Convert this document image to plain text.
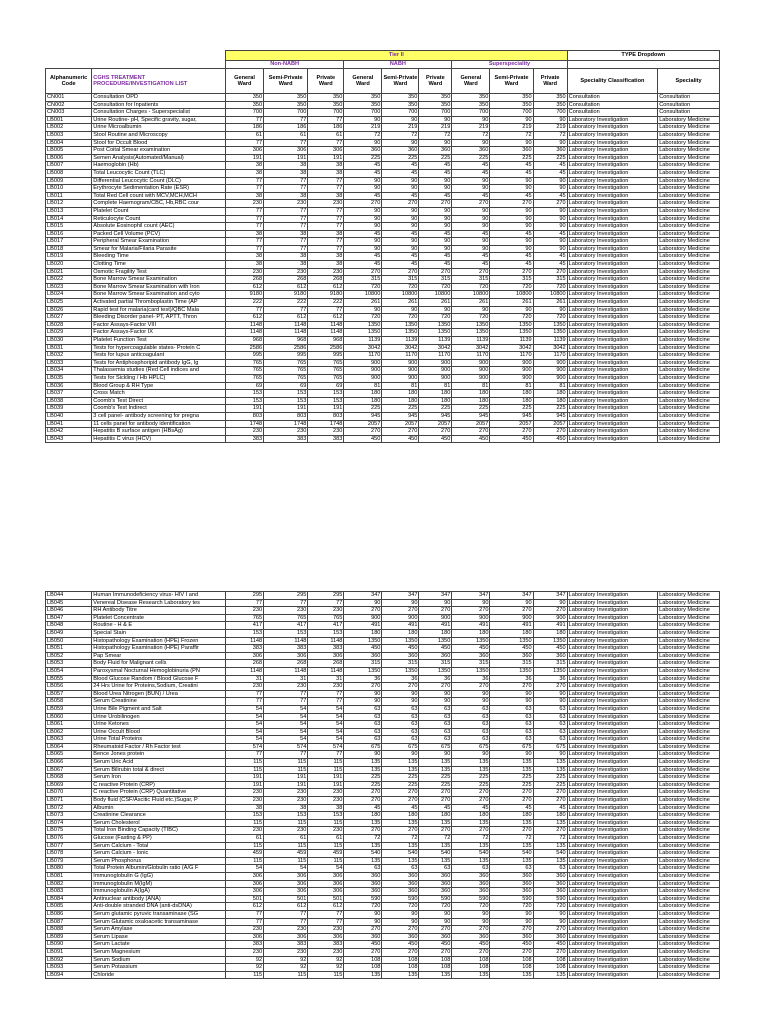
		Tier II									TYPE Dropdown	
		Non-NABH			NABH			Superspeciality				
Alphanumeric Code	CGHS TREATMENT PROCEDURE/INVESTIGATION LIST	General Ward	Semi-Private Ward	Private Ward	General Ward	Semi-Private Ward	Private Ward	General Ward	Semi-Private Ward	Private Ward	Speciality Classification	Speciality
CN001	Consultation OPD	350	350	350	350	350	350	350	350	350	Consultation	Consultation
CN002	Consultation for Inpatients	350	350	350	350	350	350	350	350	350	Consultation	Consultation
CN003	Consultation Charges - Superspecialist	700	700	700	700	700	700	700	700	700	Consultation	Consultation
LB001	Urine Routine- pH, Specific gravity, sugar,	77	77	77	90	90	90	90	90	90	Laboratory Investigation	Laboratory Medicine
LB002	Urine Microalbumin	186	186	186	219	219	219	219	219	219	Laboratory Investigation	Laboratory Medicine
LB003	Stool Routine and Microscopy	61	61	61	72	72	72	72	72	72	Laboratory Investigation	Laboratory Medicine
LB004	Stool for Occult Blood	77	77	77	90	90	90	90	90	90	Laboratory Investigation	Laboratory Medicine
LB005	Post Coital Smear examination	306	306	306	360	360	360	360	360	360	Laboratory Investigation	Laboratory Medicine
LB006	Semen Analysis(Automated/Manual)	191	191	191	225	225	225	225	225	225	Laboratory Investigation	Laboratory Medicine
LB007	Haemoglobin (Hb)	38	38	38	45	45	45	45	45	45	Laboratory Investigation	Laboratory Medicine
LB008	Total Leucocytic Count (TLC)	38	38	38	45	45	45	45	45	45	Laboratory Investigation	Laboratory Medicine
LB009	Differential Leucocytic Count (DLC)	77	77	77	90	90	90	90	90	90	Laboratory Investigation	Laboratory Medicine
LB010	Erythrocyte Sedimentation Rate (ESR)	77	77	77	90	90	90	90	90	90	Laboratory Investigation	Laboratory Medicine
LB011	Total Red Cell count with MCV,MCH,MCH	38	38	38	45	45	45	45	45	45	Laboratory Investigation	Laboratory Medicine
LB012	Complete Haemogram/CBC, Hb,RBC cour	230	230	230	270	270	270	270	270	270	Laboratory Investigation	Laboratory Medicine
LB013	Platelet Count	77	77	77	90	90	90	90	90	90	Laboratory Investigation	Laboratory Medicine
LB014	Reticulocyte Count	77	77	77	90	90	90	90	90	90	Laboratory Investigation	Laboratory Medicine
LB015	Absolute Eosinophil count (AEC)	77	77	77	90	90	90	90	90	90	Laboratory Investigation	Laboratory Medicine
LB016	Packed Cell Volume (PCV)	38	38	38	45	45	45	45	45	45	Laboratory Investigation	Laboratory Medicine
LB017	Peripheral Smear Examination	77	77	77	90	90	90	90	90	90	Laboratory Investigation	Laboratory Medicine
LB018	Smear for Malaria/Filaria Parasite	77	77	77	90	90	90	90	90	90	Laboratory Investigation	Laboratory Medicine
LB019	Bleeding Time	38	38	38	45	45	45	45	45	45	Laboratory Investigation	Laboratory Medicine
LB020	Clotting Time	38	38	38	45	45	45	45	45	45	Laboratory Investigation	Laboratory Medicine
LB021	Osmotic Fragility Test	230	230	230	270	270	270	270	270	270	Laboratory Investigation	Laboratory Medicine
LB022	Bone Marrow Smear Examination	268	268	268	315	315	315	315	315	315	Laboratory Investigation	Laboratory Medicine
LB023	Bone Marrow Smear Examination with Iron	612	612	612	720	720	720	720	720	720	Laboratory Investigation	Laboratory Medicine
LB024	Bone Marrow Smear Examination and cyto	9180	9180	9180	10800	10800	10800	10800	10800	10800	Laboratory Investigation	Laboratory Medicine
LB025	Activated partial Thromboplastin Time (AP	222	222	222	261	261	261	261	261	261	Laboratory Investigation	Laboratory Medicine
LB026	Rapid test for malaria(card test)/QBC Mala	77	77	77	90	90	90	90	90	90	Laboratory Investigation	Laboratory Medicine
LB027	Bleeding Disorder panel- PT, APTT, Thron	612	612	612	720	720	720	720	720	720	Laboratory Investigation	Laboratory Medicine
LB028	Factor Assays-Factor VIII	1148	1148	1148	1350	1350	1350	1350	1350	1350	Laboratory Investigation	Laboratory Medicine
LB029	Factor Assays-Factor IX	1148	1148	1148	1350	1350	1350	1350	1350	1350	Laboratory Investigation	Laboratory Medicine
LB030	Platelet Function Test	968	968	968	1139	1139	1139	1139	1139	1139	Laboratory Investigation	Laboratory Medicine
LB031	Tests for hypercoagulable states- Protein C	2586	2586	2586	3042	3042	3042	3042	3042	3042	Laboratory Investigation	Laboratory Medicine
LB032	Tests for lupus anticoagulant	995	995	995	1170	1170	1170	1170	1170	1170	Laboratory Investigation	Laboratory Medicine
LB033	Tests for Antiphosphoripid antibody IgG, Ig	765	765	765	900	900	900	900	900	900	Laboratory Investigation	Laboratory Medicine
LB034	Thalassemia studies (Red Cell indices and	765	765	765	900	900	900	900	900	900	Laboratory Investigation	Laboratory Medicine
LB035	Tests for Sickling / Hb HPLC)	765	765	765	900	900	900	900	900	900	Laboratory Investigation	Laboratory Medicine
LB036	Blood Group & RH Type	69	69	69	81	81	81	81	81	81	Laboratory Investigation	Laboratory Medicine
LB037	Cross Match	153	153	153	180	180	180	180	180	180	Laboratory Investigation	Laboratory Medicine
LB038	Coomb's Test Direct	153	153	153	180	180	180	180	180	180	Laboratory Investigation	Laboratory Medicine
LB039	Coomb's Test Indirect	191	191	191	225	225	225	225	225	225	Laboratory Investigation	Laboratory Medicine
LB040	3 cell panel- antibody screening for pregna	803	803	803	945	945	945	945	945	945	Laboratory Investigation	Laboratory Medicine
LB041	11 cells panel for antibody identification	1748	1748	1748	2057	2057	2057	2057	2057	2057	Laboratory Investigation	Laboratory Medicine
LB042	Hepatitis B surface antigen (HBsAg)	230	230	230	270	270	270	270	270	270	Laboratory Investigation	Laboratory Medicine
LB043	Hepatitis C virus (HCV)	383	383	383	450	450	450	450	450	450	Laboratory Investigation	Laboratory Medicine
LB044	Human Immunodeficiency virus- HIV I and	295	295	295	347	347	347	347	347	347	Laboratory Investigation	Laboratory Medicine
LB045	Venereal Disease Research Laboratory tes	77	77	77	90	90	90	90	90	90	Laboratory Investigation	Laboratory Medicine
LB046	RH Antibody Titre	230	230	230	270	270	270	270	270	270	Laboratory Investigation	Laboratory Medicine
LB047	Platelet Concentrate	765	765	765	900	900	900	900	900	900	Laboratory Investigation	Laboratory Medicine
LB048	Routine - H & E	417	417	417	491	491	491	491	491	491	Laboratory Investigation	Laboratory Medicine
LB049	Special Stain	153	153	153	180	180	180	180	180	180	Laboratory Investigation	Laboratory Medicine
LB050	Histopathology Examination (HPE) Frozen	1148	1148	1148	1350	1350	1350	1350	1350	1350	Laboratory Investigation	Laboratory Medicine
LB051	Histopathology Examination (HPE) Paraffir	383	383	383	450	450	450	450	450	450	Laboratory Investigation	Laboratory Medicine
LB052	Pap Smear	306	306	306	360	360	360	360	360	360	Laboratory Investigation	Laboratory Medicine
LB053	Body Fluid for Malignant cells	268	268	268	315	315	315	315	315	315	Laboratory Investigation	Laboratory Medicine
LB054	Paroxysmal Nocturnal Hemoglobinuria (PN	1148	1148	1148	1350	1350	1350	1350	1350	1350	Laboratory Investigation	Laboratory Medicine
LB055	Blood Glucose Random / Blood Glucose F	31	31	31	36	36	36	36	36	36	Laboratory Investigation	Laboratory Medicine
LB056	24 Hrs Urine for Proteins,Sodium, Creatini	230	230	230	270	270	270	270	270	270	Laboratory Investigation	Laboratory Medicine
LB057	Blood Urea Nitrogen (BUN) / Urea	77	77	77	90	90	90	90	90	90	Laboratory Investigation	Laboratory Medicine
LB058	Serum Creatinine	77	77	77	90	90	90	90	90	90	Laboratory Investigation	Laboratory Medicine
LB059	Urine Bile Pigment and Salt	54	54	54	63	63	63	63	63	63	Laboratory Investigation	Laboratory Medicine
LB060	Urine Urobilinogen	54	54	54	63	63	63	63	63	63	Laboratory Investigation	Laboratory Medicine
LB061	Urine Ketones	54	54	54	63	63	63	63	63	63	Laboratory Investigation	Laboratory Medicine
LB062	Urine Occult Blood	54	54	54	63	63	63	63	63	63	Laboratory Investigation	Laboratory Medicine
LB063	Urine Total Proteins	54	54	54	63	63	63	63	63	63	Laboratory Investigation	Laboratory Medicine
LB064	Rheumatoid Factor / Rh Factor test	574	574	574	675	675	675	675	675	675	Laboratory Investigation	Laboratory Medicine
LB065	Bence Jones protein	77	77	77	90	90	90	90	90	90	Laboratory Investigation	Laboratory Medicine
LB066	Serum Uric Acid	115	115	115	135	135	135	135	135	135	Laboratory Investigation	Laboratory Medicine
LB067	Serum Bilirubin total & direct	115	115	115	135	135	135	135	135	135	Laboratory Investigation	Laboratory Medicine
LB068	Serum Iron	191	191	191	225	225	225	225	225	225	Laboratory Investigation	Laboratory Medicine
LB069	C reactive Protein (CRP)	191	191	191	225	225	225	225	225	225	Laboratory Investigation	Laboratory Medicine
LB070	C reactive Protein (CRP) Quantitative	230	230	230	270	270	270	270	270	270	Laboratory Investigation	Laboratory Medicine
LB071	Body fluid (CSF/Ascitic Fluid etc.)Sugar, P	230	230	230	270	270	270	270	270	270	Laboratory Investigation	Laboratory Medicine
LB072	Albumin	38	38	38	45	45	45	45	45	45	Laboratory Investigation	Laboratory Medicine
LB073	Creatinine Clearance	153	153	153	180	180	180	180	180	180	Laboratory Investigation	Laboratory Medicine
LB074	Serum Cholesterol	115	115	115	135	135	135	135	135	135	Laboratory Investigation	Laboratory Medicine
LB075	Total Iron Binding Capacity (TIBC)	230	230	230	270	270	270	270	270	270	Laboratory Investigation	Laboratory Medicine
LB076	Glucose (Fasting & PP)	61	61	61	72	72	72	72	72	72	Laboratory Investigation	Laboratory Medicine
LB077	Serum Calcium - Total	115	115	115	135	135	135	135	135	135	Laboratory Investigation	Laboratory Medicine
LB078	Serum Calcium - Ionic	459	459	459	540	540	540	540	540	540	Laboratory Investigation	Laboratory Medicine
LB079	Serum Phosphorus	115	115	115	135	135	135	135	135	135	Laboratory Investigation	Laboratory Medicine
LB080	Total Protein Albumin/Globulin ratio (A/G F	54	54	54	63	63	63	63	63	63	Laboratory Investigation	Laboratory Medicine
LB081	Immunoglobulin G (IgG)	306	306	306	360	360	360	360	360	360	Laboratory Investigation	Laboratory Medicine
LB082	Immunoglobulin M(IgM)	306	306	306	360	360	360	360	360	360	Laboratory Investigation	Laboratory Medicine
LB083	Immunoglobulin A(IgA)	306	306	306	360	360	360	360	360	360	Laboratory Investigation	Laboratory Medicine
LB084	Antinuclear antibody (ANA)	501	501	501	590	590	590	590	590	590	Laboratory Investigation	Laboratory Medicine
LB085	Anti-double stranded DNA (anti-dsDNA)	612	612	612	720	720	720	720	720	720	Laboratory Investigation	Laboratory Medicine
LB086	Serum glutamic pyruvic transaminase (SG	77	77	77	90	90	90	90	90	90	Laboratory Investigation	Laboratory Medicine
LB087	Serum Glutamic oxaloacetic transaminase	77	77	77	90	90	90	90	90	90	Laboratory Investigation	Laboratory Medicine
LB088	Serum Amylase	230	230	230	270	270	270	270	270	270	Laboratory Investigation	Laboratory Medicine
LB089	Serum Lipase	306	306	306	360	360	360	360	360	360	Laboratory Investigation	Laboratory Medicine
LB090	Serum Lactate	383	383	383	450	450	450	450	450	450	Laboratory Investigation	Laboratory Medicine
LB091	Serum Magnesium	230	230	230	270	270	270	270	270	270	Laboratory Investigation	Laboratory Medicine
LB092	Serum Sodium	92	92	92	108	108	108	108	108	108	Laboratory Investigation	Laboratory Medicine
LB093	Serum Potassium	92	92	92	108	108	108	108	108	108	Laboratory Investigation	Laboratory Medicine
LB094	Chloride	115	115	115	135	135	135	135	135	135	Laboratory Investigation	Laboratory Medicine
